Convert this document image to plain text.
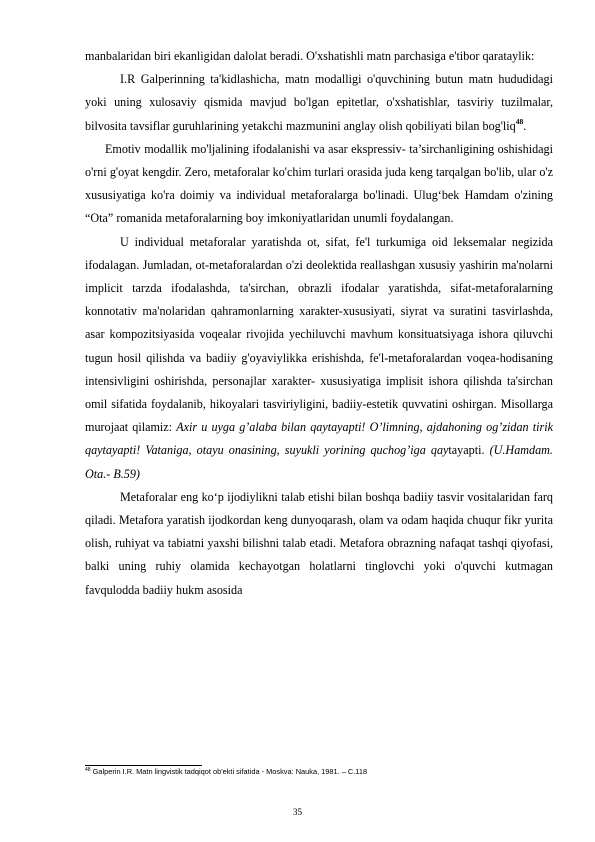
manbalaridan biri ekanligidan dalolat beradi. O'xshatishli matn parchasiga e'tibor qarataylik:

I.R Galperinning ta'kidlashicha, matn modalligi o'quvchining butun matn hududidagi yoki uning xulosaviy qismida mavjud bo'lgan epitetlar, o'xshatishlar, tasviriy tuzilmalar, bilvosita tavsiflar guruhlarining yetakchi mazmunini anglay olish qobiliyati bilan bog'liq$^{48}$.

Emotiv modallik mo'ljalining ifodalanishi va asar ekspressiv- ta’sirchanligining oshishidagi o'rni g'oyat kengdir. Zero, metaforalar ko'chim turlari orasida juda keng tarqalgan bo'lib, ular o'z xususiyatiga ko'ra doimiy va individual metaforalarga bo'linadi. Ulug‘bek Hamdam o'zining “Ota” romanida metaforalarning boy imkoniyatlaridan unumli foydalangan.

U individual metaforalar yaratishda ot, sifat, fe'l turkumiga oid leksemalar negizida ifodalagan. Jumladan, ot-metaforalardan o'zi deolektida reallashgan xususiy yashirin ma'nolarni implicit tarzda ifodalashda, ta'sirchan, obrazli ifodalar yaratishda, sifat-metaforalarning konnotativ ma'nolaridan qahramonlarning xarakter-xususiyati, siyrat va suratini tasvirlashda, asar kompozitsiyasida voqealar rivojida yechiluvchi mavhum konsituatsiyaga ishora qiluvchi tugun hosil qilishda va badiiy g'oyaviylikka erishishda, fe'l-metaforalardan voqea-hodisaning intensivligini oshirishda, personajlar xarakter- xususiyatiga implisit ishora qilishda ta'sirchan omil sifatida foydalanib, hikoyalari tasviriyligini, badiiy-estetik quvvatini oshirgan. Misollarga murojaat qilamiz: Axir u uyga g’alaba bilan qaytayapti! O’limning, ajdahoning og’zidan tirik qaytayapti! Vataniga, otayu onasining, suyukli yorining quchog’iga qaytayapti. (U.Hamdam. Ota.- B.59)

Metaforalar eng ko‘p ijodiylikni talab etishi bilan boshqa badiiy tasvir vositalaridan farq qiladi. Metafora yaratish ijodkordan keng dunyoqarash, olam va odam haqida chuqur fikr yurita olish, ruhiyat va tabiatni yaxshi bilishni talab etadi. Metafora obrazning nafaqat tashqi qiyofasi, balki uning ruhiy olamida kechayotgan holatlarni tinglovchi yoki o'quvchi kutmagan favqulodda badiiy hukm asosida

$^{48}$ Galperin I.R. Matn lingvistik tadqiqot ob'ekti sifatida - Moskva: Nauka, 1981. – C.118
35
